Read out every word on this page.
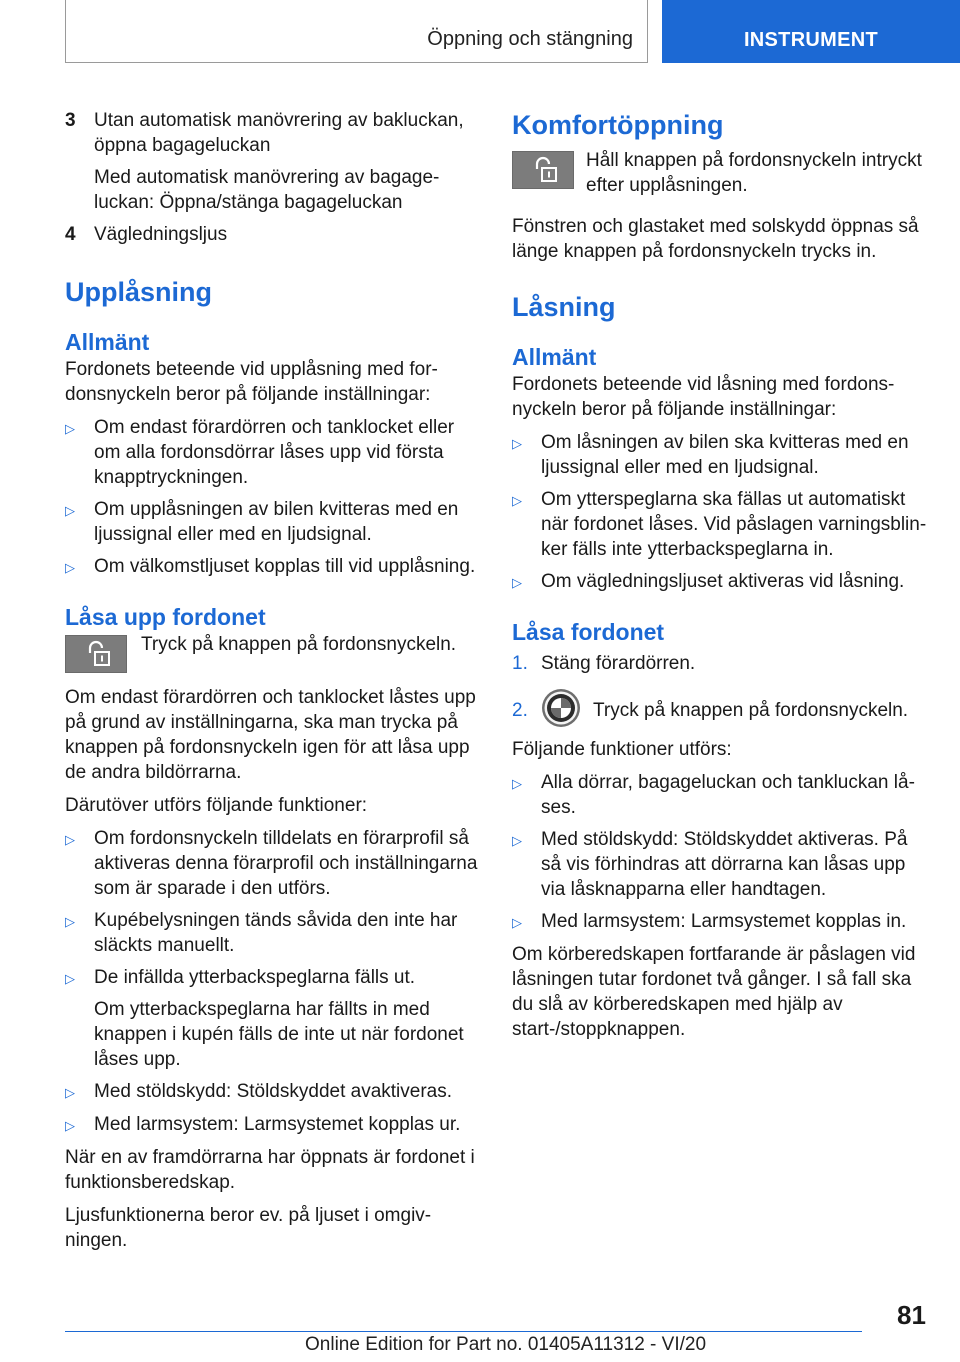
Öppning och stängning	INSTRUMENT
3 Utan automatisk manövrering av bakluckan, öppna bagageluckan

Med automatisk manövrering av bagageluckan: Öppna/stänga bagageluckan

4 Vägledningsljus

Upplåsning
Allmänt

Fordonets beteende vid upplåsning med fordonsnyckeln beror på följande inställningar:

▷	Om endast förardörren och tanklocket eller om alla fordonsdörrar låses upp vid första knapptryckningen.

▷	Om upplåsningen av bilen kvitteras med en ljussignal eller med en ljudsignal.

▷	Om välkomstljuset kopplas till vid upplåsning.

Låsa upp fordonet

Tryck på knappen på fordonsnyckeln.

Om endast förardörren och tanklocket låstes upp på grund av inställningarna, ska man trycka på knappen på fordonsnyckeln igen för att låsa upp de andra bildörrarna.

Därutöver utförs följande funktioner:

▷	Om fordonsnyckeln tilldelats en förarprofil så aktiveras denna förarprofil och inställningarna som är sparade i den utförs.

▷	Kupébelysningen tänds såvida den inte har släckts manuellt.

▷	De infällda ytterbackspeglarna fälls ut.

Om ytterbackspeglarna har fällts in med knappen i kupén fälls de inte ut när fordonet låses upp.

▷	Med stöldskydd: Stöldskyddet avaktiveras.

▷	Med larmsystem: Larmsystemet kopplas ur.

När en av framdörrarna har öppnats är fordonet i funktionsberedskap.

Ljusfunktionerna beror ev. på ljuset i omgivningen.

Komfortöppning

Håll knappen på fordonsnyckeln intryckt efter upplåsningen.

Fönstren och glastaket med solskydd öppnas så länge knappen på fordonsnyckeln trycks in.

Låsning
Allmänt

Fordonets beteende vid låsning med fordonsnyckeln beror på följande inställningar:

▷	Om låsningen av bilen ska kvitteras med en ljussignal eller med en ljudsignal.

▷	Om ytterspeglarna ska fällas ut automatiskt när fordonet låses. Vid påslagen varningsblinker fälls inte ytterbackspeglarna in.

▷	Om vägledningsljuset aktiveras vid låsning.

Låsa fordonet
1. Stäng förardörren.

2.	Tryck på knappen på fordonsnyckeln.

Följande funktioner utförs:

▷	Alla dörrar, bagageluckan och tankluckan låses.

▷	Med stöldskydd: Stöldskyddet aktiveras. På så vis förhindras att dörrarna kan låsas upp via låsknapparna eller handtagen.

▷	Med larmsystem: Larmsystemet kopplas in.

Om körberedskapen fortfarande är påslagen vid låsningen tutar fordonet två gånger. I så fall ska du slå av körberedskapen med hjälp av start-/stoppknappen.

81
Online Edition for Part no. 01405A11312 - VI/20
